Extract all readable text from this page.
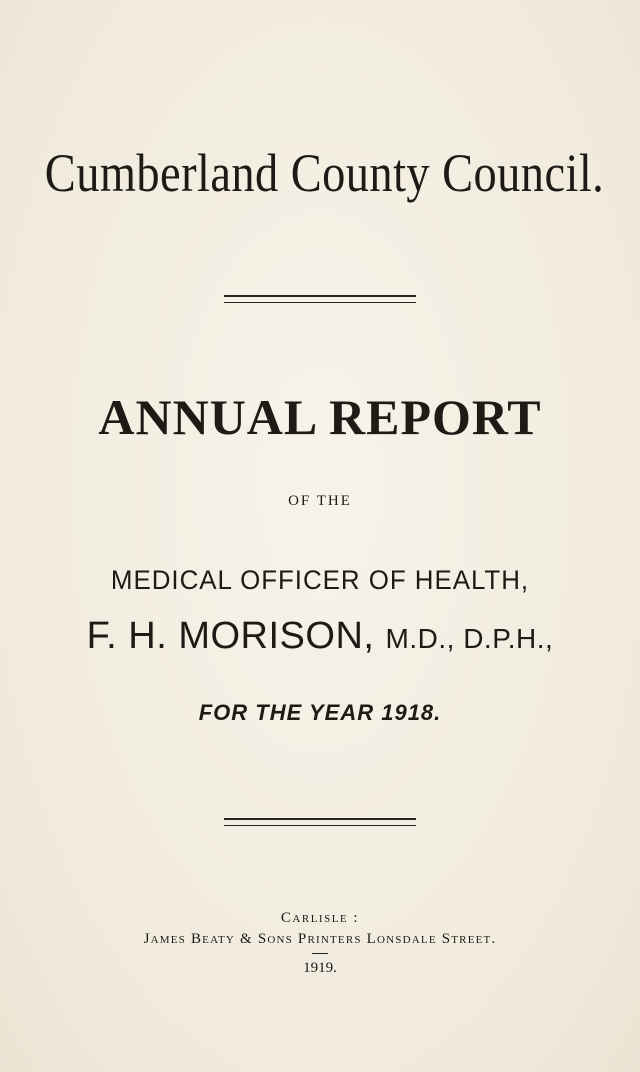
Cumberland County Council.
ANNUAL REPORT
OF THE
MEDICAL OFFICER OF HEALTH,
F. H. MORISON, M.D., D.P.H.,
FOR THE YEAR 1918.
Carlisle :
James Beaty & Sons Printers Lonsdale Street.
1919.
